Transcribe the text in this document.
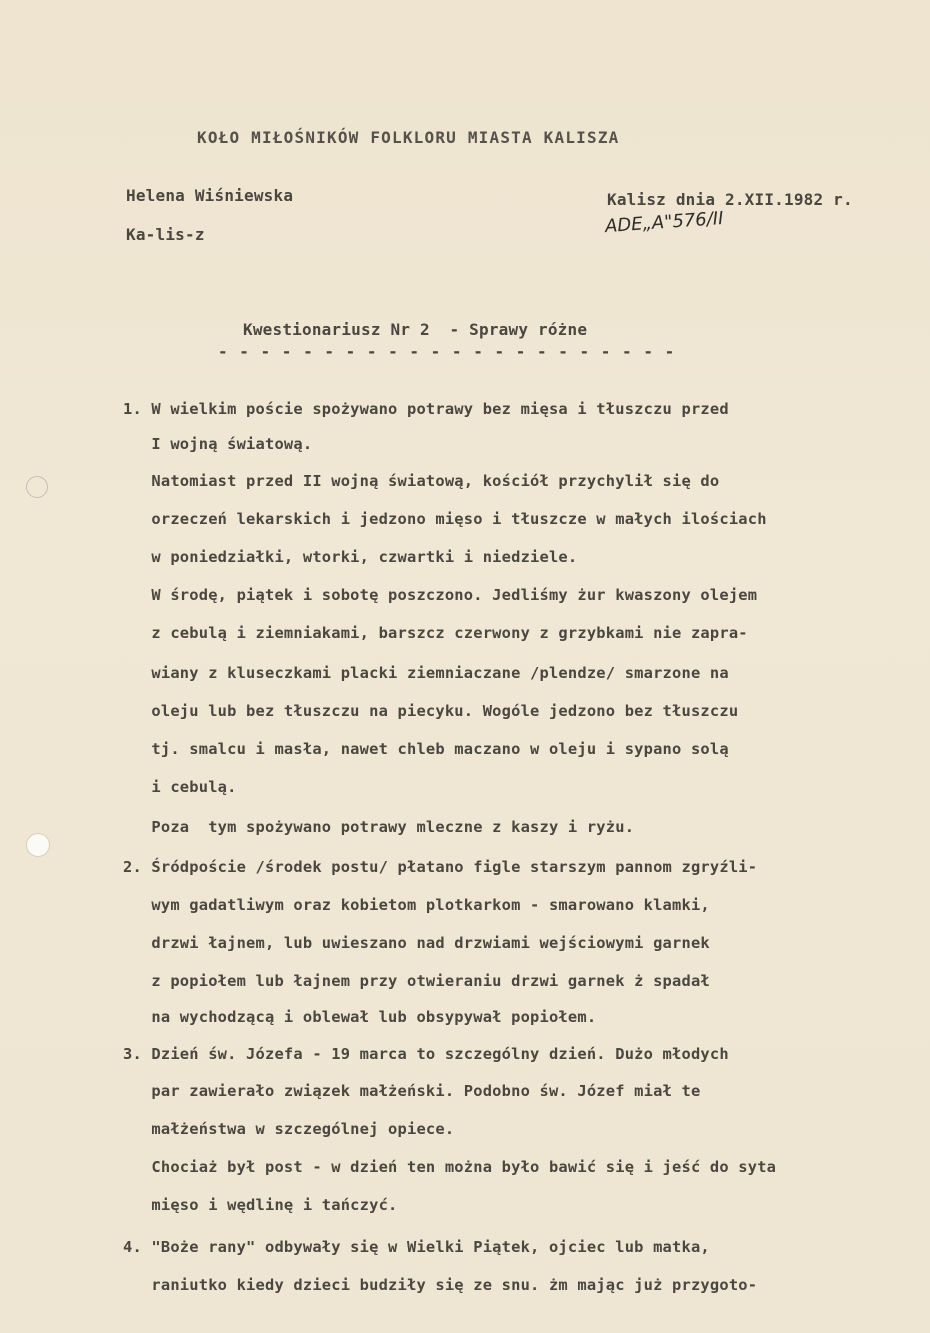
KOŁO MIŁOŚNIKÓW FOLKLORU MIASTA KALISZA
Helena Wiśniewska
Ka-lis-z
Kalisz dnia 2.XII.1982 r.
ADE„A"576/II
Kwestionariusz Nr 2  - Sprawy różne
- - - - - - - - - - - - - - - - - - - - - -
1. W wielkim poście spożywano potrawy bez mięsa i tłuszczu przed
I wojną światową.
Natomiast przed II wojną światową, kościół przychylił się do
orzeczeń lekarskich i jedzono mięso i tłuszcze w małych ilościach
w poniedziałki, wtorki, czwartki i niedziele.
W środę, piątek i sobotę poszczono. Jedliśmy żur kwaszony olejem
z cebulą i ziemniakami, barszcz czerwony z grzybkami nie zapra-
wiany z kluseczkami placki ziemniaczane /plendze/ smarzone na
oleju lub bez tłuszczu na piecyku. Wogóle jedzono bez tłuszczu
tj. smalcu i masła, nawet chleb maczano w oleju i sypano solą
i cebulą.
Poza  tym spożywano potrawy mleczne z kaszy i ryżu.
2. Śródpoście /środek postu/ płatano figle starszym pannom zgryźli-
wym gadatliwym oraz kobietom plotkarkom - smarowano klamki,
drzwi łajnem, lub uwieszano nad drzwiami wejściowymi garnek
z popiołem lub łajnem przy otwieraniu drzwi garnek ż spadał
na wychodzącą i oblewał lub obsypywał popiołem.
3. Dzień św. Józefa - 19 marca to szczególny dzień. Dużo młodych
par zawierało związek małżeński. Podobno św. Józef miał te
małżeństwa w szczególnej opiece.
Chociaż był post - w dzień ten można było bawić się i jeść do syta
mięso i wędlinę i tańczyć.
4. "Boże rany" odbywały się w Wielki Piątek, ojciec lub matka,
raniutko kiedy dzieci budziły się ze snu. żm mając już przygoto-
